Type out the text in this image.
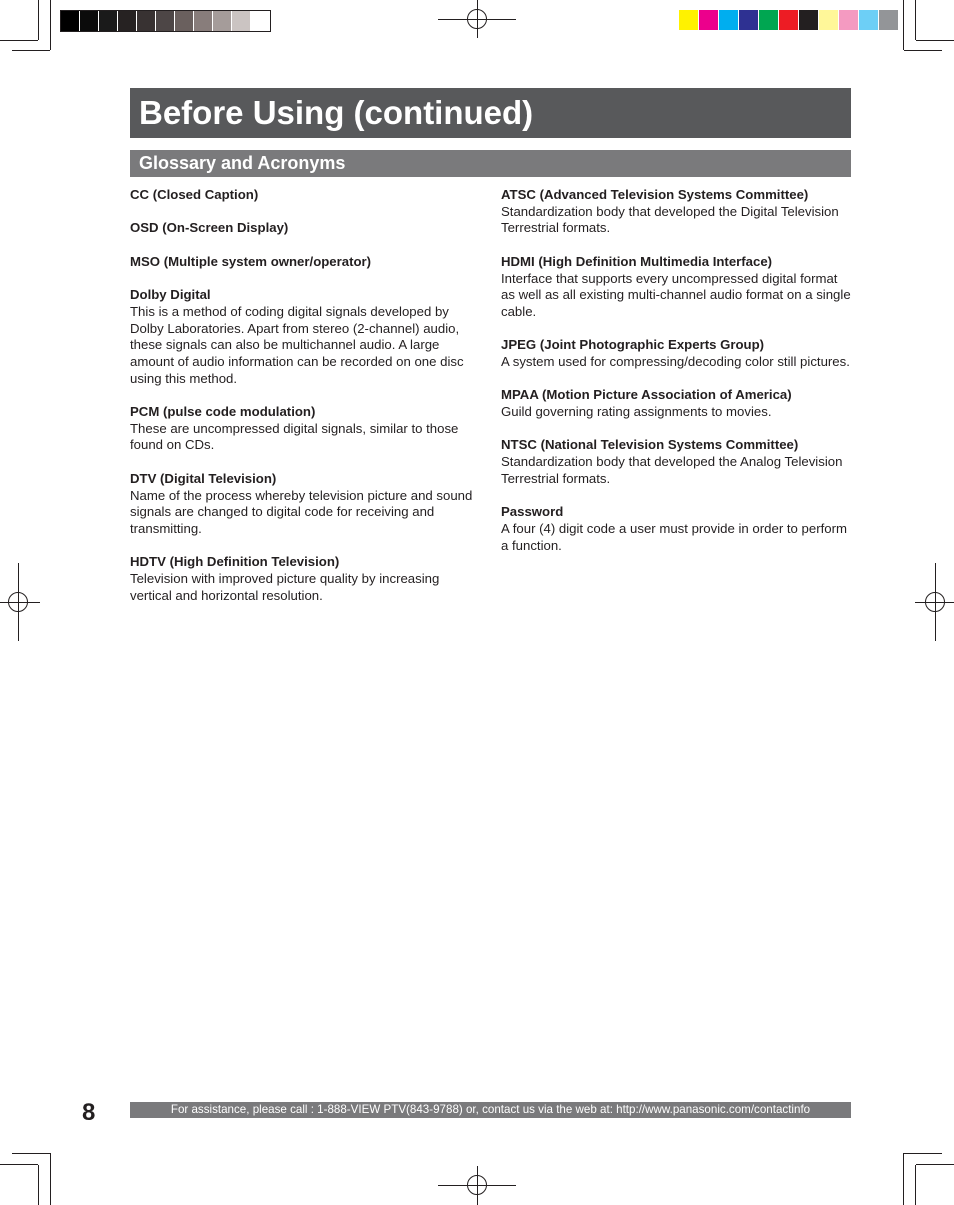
Before Using (continued)
Glossary and Acronyms
CC (Closed Caption)
OSD (On-Screen Display)
MSO (Multiple system owner/operator)
Dolby Digital
This is a method of coding digital signals developed by Dolby Laboratories. Apart from stereo (2-channel) audio, these signals can also be multichannel audio. A large amount of audio information can be recorded on one disc using this method.
PCM (pulse code modulation)
These are uncompressed digital signals, similar to those found on CDs.
DTV (Digital Television)
Name of the process whereby television picture and sound signals are changed to digital code for receiving and transmitting.
HDTV (High Definition Television)
Television with improved picture quality by increasing vertical and horizontal resolution.
ATSC (Advanced Television Systems Committee)
Standardization body that developed the Digital Television Terrestrial formats.
HDMI (High Definition Multimedia Interface)
Interface that supports every uncompressed digital format as well as all existing multi-channel audio format on a single cable.
JPEG (Joint Photographic Experts Group)
A system used for compressing/decoding color still pictures.
MPAA (Motion Picture Association of America)
Guild governing rating assignments to movies.
NTSC (National Television Systems Committee)
Standardization body that developed the Analog Television Terrestrial formats.
Password
A four (4) digit code a user must provide in order to perform a function.
8	For assistance, please call : 1-888-VIEW PTV(843-9788) or, contact us via the web at: http://www.panasonic.com/contactinfo
